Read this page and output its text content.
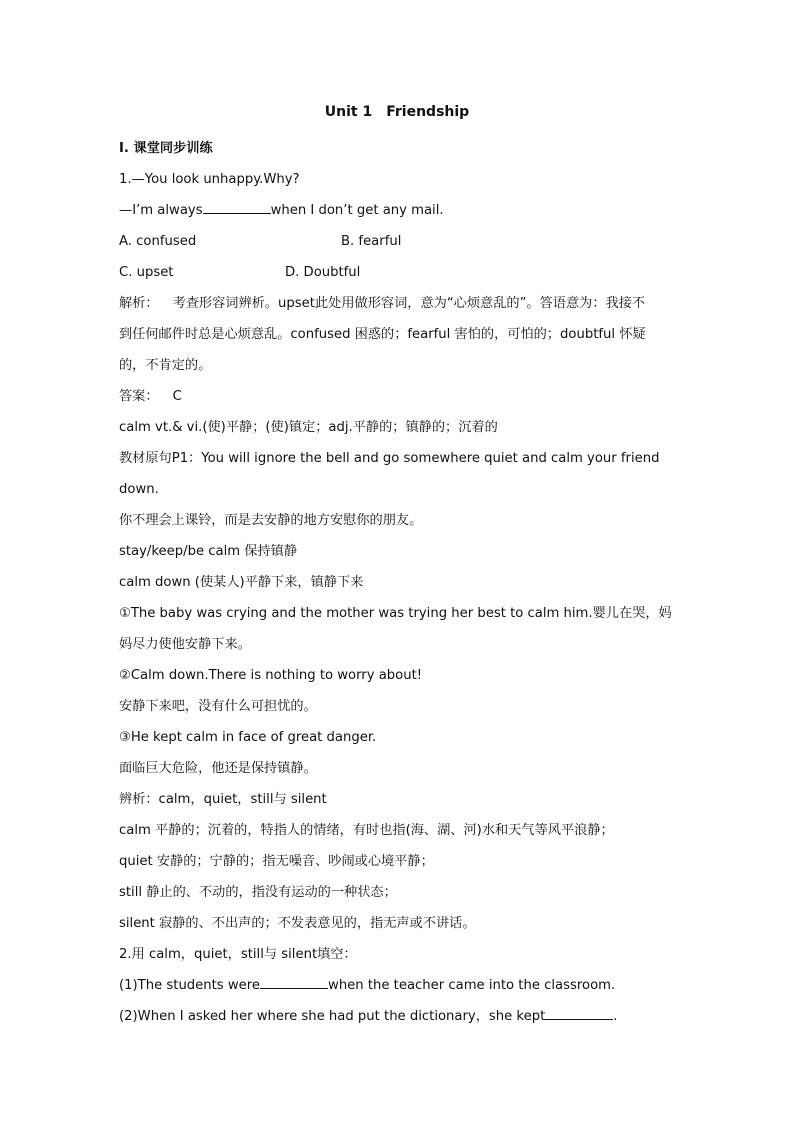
Unit 1　Friendship
Ⅰ. 课堂同步训练
1.—You look unhappy.Why?
—I’m always	when I don’t get any mail.
A. confused	B. fearful
C. upset	D. Doubtful
解析： 考查形容词辨析。upset此处用做形容词，意为“心烦意乱的”。答语意为：我接不
到任何邮件时总是心烦意乱。confused 困惑的；fearful 害怕的，可怕的；doubtful 怀疑
的，不肯定的。
答案： C
calm vt.& vi.(使)平静；(使)镇定；adj.平静的；镇静的；沉着的
教材原句P1：You will ignore the bell and go somewhere quiet and calm your friend
down.
你不理会上课铃，而是去安静的地方安慰你的朋友。
stay/keep/be calm 保持镇静
calm down (使某人)平静下来，镇静下来
①The baby was crying and the mother was trying her best to calm him.婴儿在哭，妈
妈尽力使他安静下来。
②Calm down.There is nothing to worry about!
安静下来吧，没有什么可担忧的。
③He kept calm in face of great danger.
面临巨大危险，他还是保持镇静。
辨析：calm，quiet，still与 silent
calm 平静的；沉着的，特指人的情绪，有时也指(海、湖、河)水和天气等风平浪静；
quiet 安静的；宁静的；指无噪音、吵闹或心境平静；
still 静止的、不动的，指没有运动的一种状态；
silent 寂静的、不出声的；不发表意见的，指无声或不讲话。
2.用 calm，quiet，still与 silent填空：
(1)The students were	when the teacher came into the classroom.
(2)When I asked her where she had put the dictionary，she kept	.
